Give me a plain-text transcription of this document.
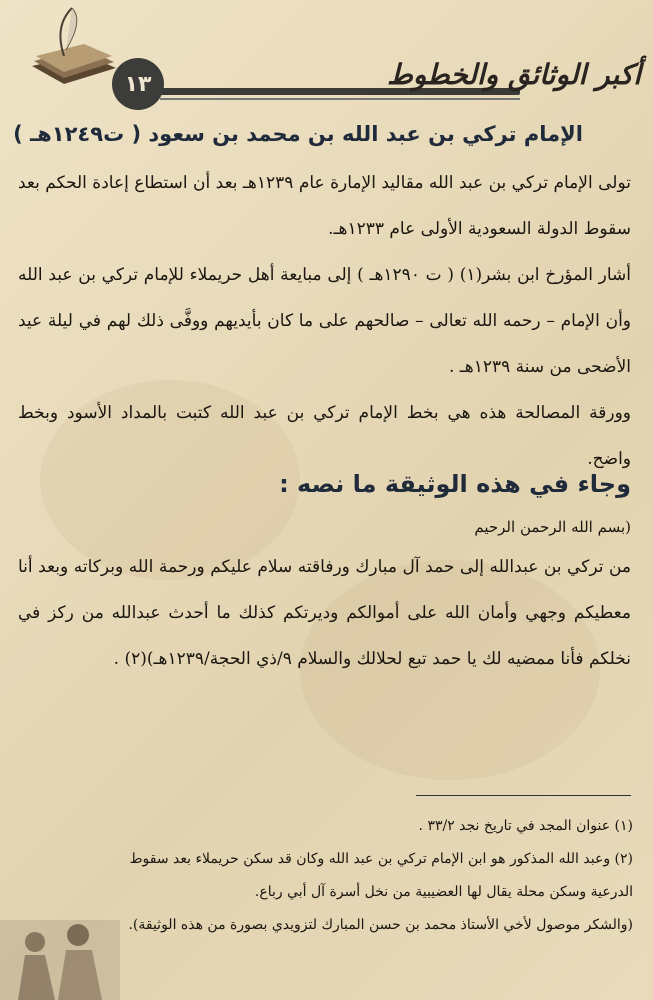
١٣	أكبر الوثائق والخطوط
الإمام تركي بن عبد الله بن محمد بن سعود ( ت١٢٤٩هـ )

تولى الإمام تركي بن عبد الله مقاليد الإمارة عام ١٢٣٩هـ بعد أن استطاع إعادة الحكم بعد سقوط الدولة السعودية الأولى عام ١٢٣٣هـ.

أشار المؤرخ ابن بشر(١) ( ت ١٢٩٠هـ ) إلى مبايعة أهل حريملاء للإمام تركي بن عبد الله وأن الإمام – رحمه الله تعالى – صالحهم على ما كان بأيديهم ووفَّى ذلك لهم في ليلة عيد الأضحى من سنة ١٢٣٩هـ .

وورقة المصالحة هذه هي بخط الإمام تركي بن عبد الله كتبت بالمداد الأسود وبخط واضح.

وجاء في هذه الوثيقة ما نصه :

(بسم الله الرحمن الرحيم

من تركي بن عبدالله إلى حمد آل مبارك ورفاقته سلام عليكم ورحمة الله وبركاته وبعد أنا معطيكم وجهي وأمان الله على أموالكم وديرتكم كذلك ما أحدث عبدالله من ركز في نخلكم فأنا ممضيه لك يا حمد تبع لحلالك والسلام ٩/ذي الحجة/١٢٣٩هـ)(٢) .

(١) عنوان المجد في تاريخ نجد ٣٣/٢ .

(٢) وعبد الله المذكور هو ابن الإمام تركي بن عبد الله وكان قد سكن حريملاء بعد سقوط الدرعية وسكن محلة يقال لها العضيبية من نخل أسرة آل أبي رباع.

(والشكر موصول لأخي الأستاذ محمد بن حسن المبارك لتزويدي بصورة من هذه الوثيقة).
